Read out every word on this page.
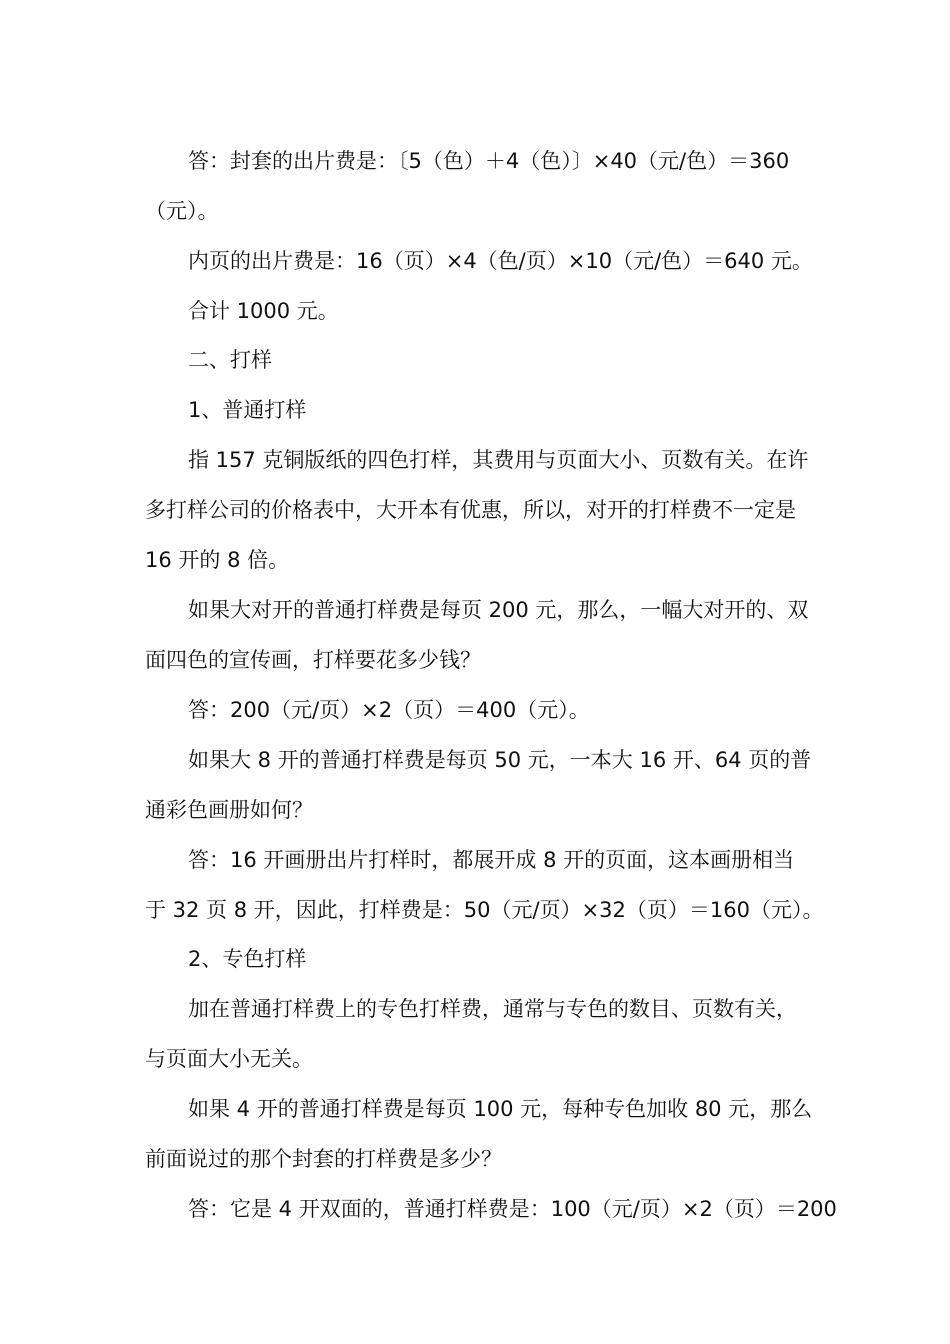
答：封套的出片费是：〔5（色）＋4（色）〕×40（元/色）＝360
（元）。
内页的出片费是：16（页）×4（色/页）×10（元/色）＝640 元。
合计 1000 元。
二、打样
1、普通打样
指 157 克铜版纸的四色打样，其费用与页面大小、页数有关。在许
多打样公司的价格表中，大开本有优惠，所以，对开的打样费不一定是
16 开的 8 倍。
如果大对开的普通打样费是每页 200 元，那么，一幅大对开的、双
面四色的宣传画，打样要花多少钱？
答：200（元/页）×2（页）＝400（元）。
如果大 8 开的普通打样费是每页 50 元，一本大 16 开、64 页的普
通彩色画册如何？
答：16 开画册出片打样时，都展开成 8 开的页面，这本画册相当
于 32 页 8 开，因此，打样费是：50（元/页）×32（页）＝160（元）。
2、专色打样
加在普通打样费上的专色打样费，通常与专色的数目、页数有关，
与页面大小无关。
如果 4 开的普通打样费是每页 100 元，每种专色加收 80 元，那么
前面说过的那个封套的打样费是多少？
答：它是 4 开双面的，普通打样费是：100（元/页）×2（页）＝200
